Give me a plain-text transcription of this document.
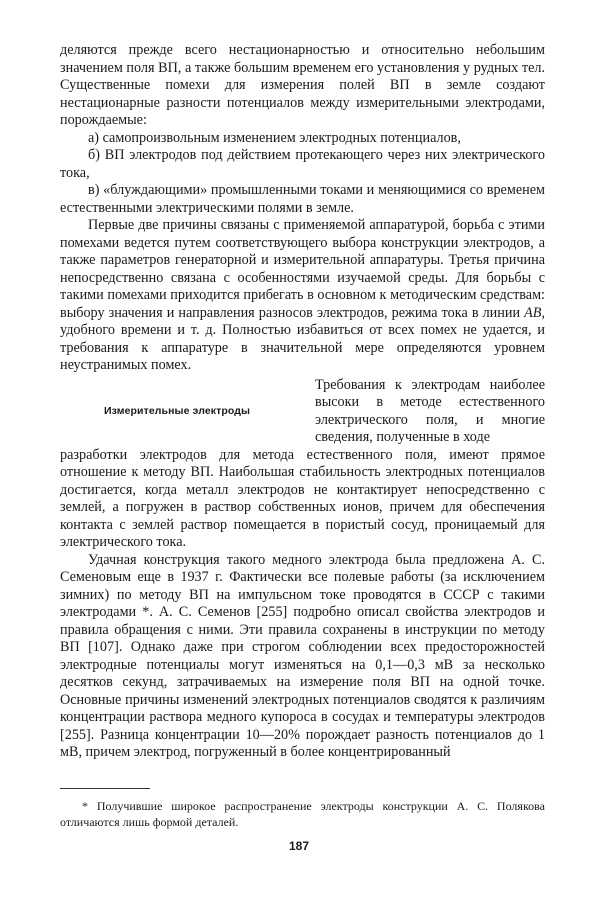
деляются прежде всего нестационарностью и относительно небольшим значением поля ВП, а также большим временем его установления у рудных тел. Существенные помехи для измерения полей ВП в земле создают нестационарные разности потенциалов между измерительными электродами, порождаемые:

а) самопроизвольным изменением электродных потенциалов,

б) ВП электродов под действием протекающего через них электрического тока,

в) «блуждающими» промышленными токами и меняющимися со временем естественными электрическими полями в земле.

Первые две причины связаны с применяемой аппаратурой, борьба с этими помехами ведется путем соответствующего выбора конструкции электродов, а также параметров генераторной и измерительной аппаратуры. Третья причина непосредственно связана с особенностями изучаемой среды. Для борьбы с такими помехами приходится прибегать в основном к методическим средствам: выбору значения и направления разносов электродов, режима тока в линии AB, удобного времени и т. д. Полностью избавиться от всех помех не удается, и требования к аппаратуре в значительной мере определяются уровнем неустранимых помех.

Измерительные электроды

Требования к электродам наиболее высоки в методе естественного электрического поля, и многие сведения, полученные в ходе

разработки электродов для метода естественного поля, имеют прямое отношение к методу ВП. Наибольшая стабильность электродных потенциалов достигается, когда металл электродов не контактирует непосредственно с землей, а погружен в раствор собственных ионов, причем для обеспечения контакта с землей раствор помещается в пористый сосуд, проницаемый для электрического тока.

Удачная конструкция такого медного электрода была предложена А. С. Семеновым еще в 1937 г. Фактически все полевые работы (за исключением зимних) по методу ВП на импульсном токе проводятся в СССР с такими электродами *. А. С. Семенов [255] подробно описал свойства электродов и правила обращения с ними. Эти правила сохранены в инструкции по методу ВП [107]. Однако даже при строгом соблюдении всех предосторожностей электродные потенциалы могут изменяться на 0,1—0,3 мВ за несколько десятков секунд, затрачиваемых на измерение поля ВП на одной точке. Основные причины изменений электродных потенциалов сводятся к различиям концентрации раствора медного купороса в сосудах и температуры электродов [255]. Разница концентрации 10—20% порождает разность потенциалов до 1 мВ, причем электрод, погруженный в более концентрированный

* Получившие широкое распространение электроды конструкции А. С. Полякова отличаются лишь формой деталей.

187
